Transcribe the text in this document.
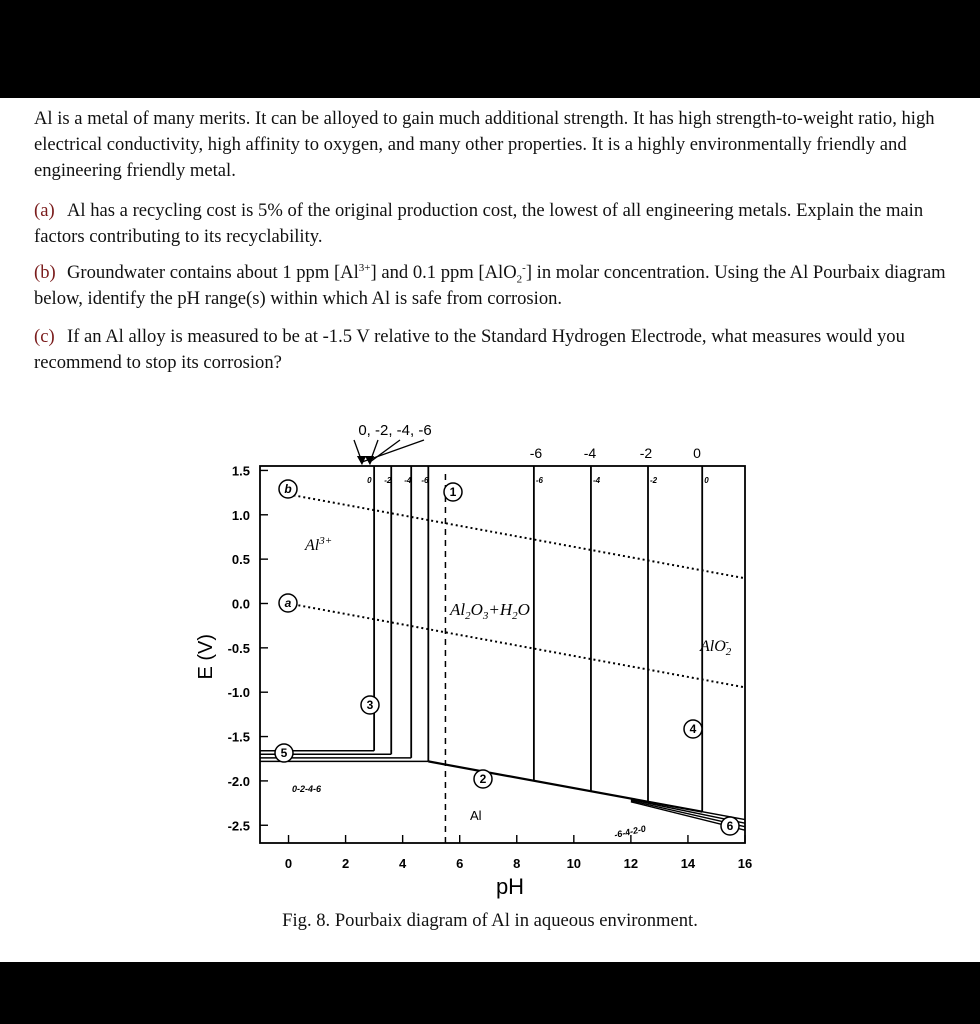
Al is a metal of many merits. It can be alloyed to gain much additional strength. It has high strength-to-weight ratio, high electrical conductivity, high affinity to oxygen, and many other properties. It is a highly environmentally friendly and engineering friendly metal.

(a) Al has a recycling cost is 5% of the original production cost, the lowest of all engineering metals. Explain the main factors contributing to its recyclability.
(b) Groundwater contains about 1 ppm $[Al^{3+}]$ and 0.1 ppm [AlO$_2$-] in molar concentration. Using the Al Pourbaix diagram below, identify the pH range(s) within which Al is safe from corrosion.
(c) If an Al alloy is measured to be at -1.5 V relative to the Standard Hydrogen Electrode, what measures would you recommend to stop its corrosion?
1.5
1.0
0.5
0.0
-0.5
-1.0
-1.5
-2.0
-2.5
0	2	4	6	8	10	12	14	16
pH
E (V)
0, -2, -4, -6
-6	-4	-2	0
0 -2 -4 -6	-6	-4	-2	0
0-2-4-6
-6-4-2-0
$Al^{3+}$
$Al_2O_3+H_2O$
AlO$_2$-
Al
b
a
1
2
3
4
5
6
Fig. 8. Pourbaix diagram of Al in aqueous environment.
